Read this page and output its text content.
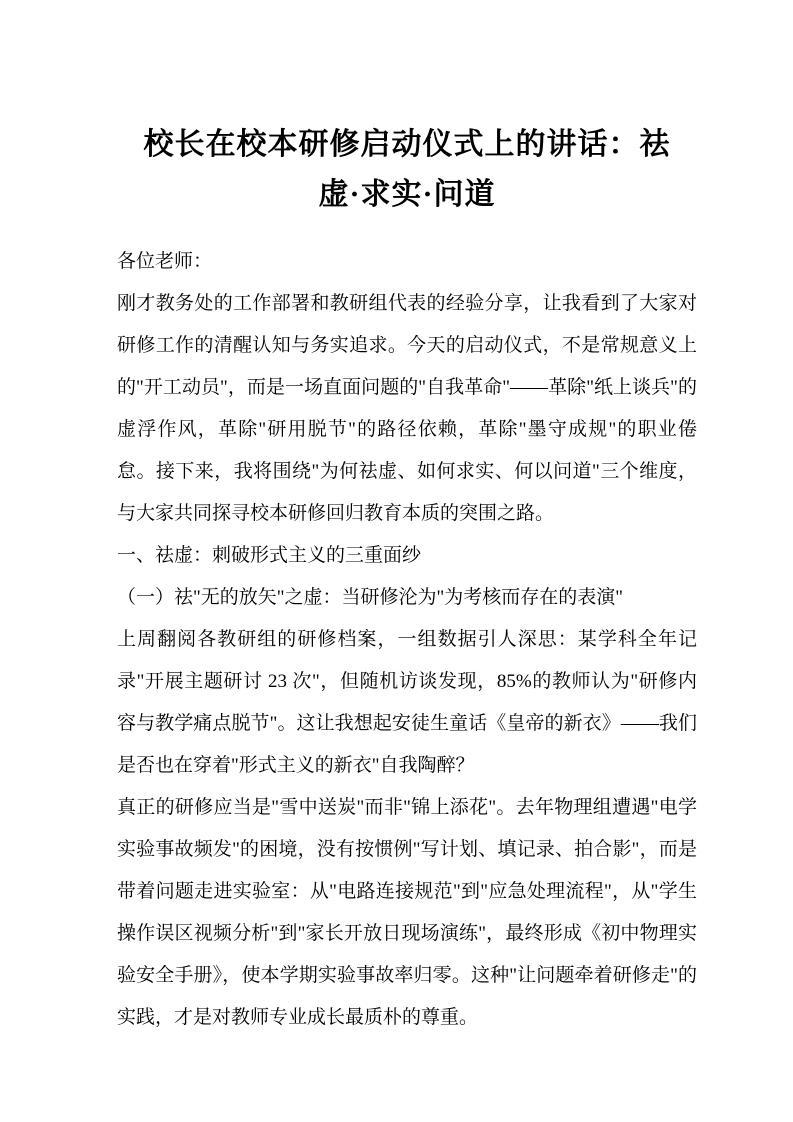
校长在校本研修启动仪式上的讲话：祛
虚·求实·问道

各位老师：

刚才教务处的工作部署和教研组代表的经验分享，让我看到了大家对研修工作的清醒认知与务实追求。今天的启动仪式，不是常规意义上的"开工动员"，而是一场直面问题的"自我革命"——革除"纸上谈兵"的虚浮作风，革除"研用脱节"的路径依赖，革除"墨守成规"的职业倦怠。接下来，我将围绕"为何祛虚、如何求实、何以问道"三个维度，与大家共同探寻校本研修回归教育本质的突围之路。

一、祛虚：刺破形式主义的三重面纱

（一）祛"无的放矢"之虚：当研修沦为"为考核而存在的表演"

上周翻阅各教研组的研修档案，一组数据引人深思：某学科全年记录"开展主题研讨 23 次"，但随机访谈发现，85%的教师认为"研修内容与教学痛点脱节"。这让我想起安徒生童话《皇帝的新衣》——我们是否也在穿着"形式主义的新衣"自我陶醉？

真正的研修应当是"雪中送炭"而非"锦上添花"。去年物理组遭遇"电学实验事故频发"的困境，没有按惯例"写计划、填记录、拍合影"，而是带着问题走进实验室：从"电路连接规范"到"应急处理流程"，从"学生操作误区视频分析"到"家长开放日现场演练"，最终形成《初中物理实验安全手册》，使本学期实验事故率归零。这种"让问题牵着研修走"的实践，才是对教师专业成长最质朴的尊重。
